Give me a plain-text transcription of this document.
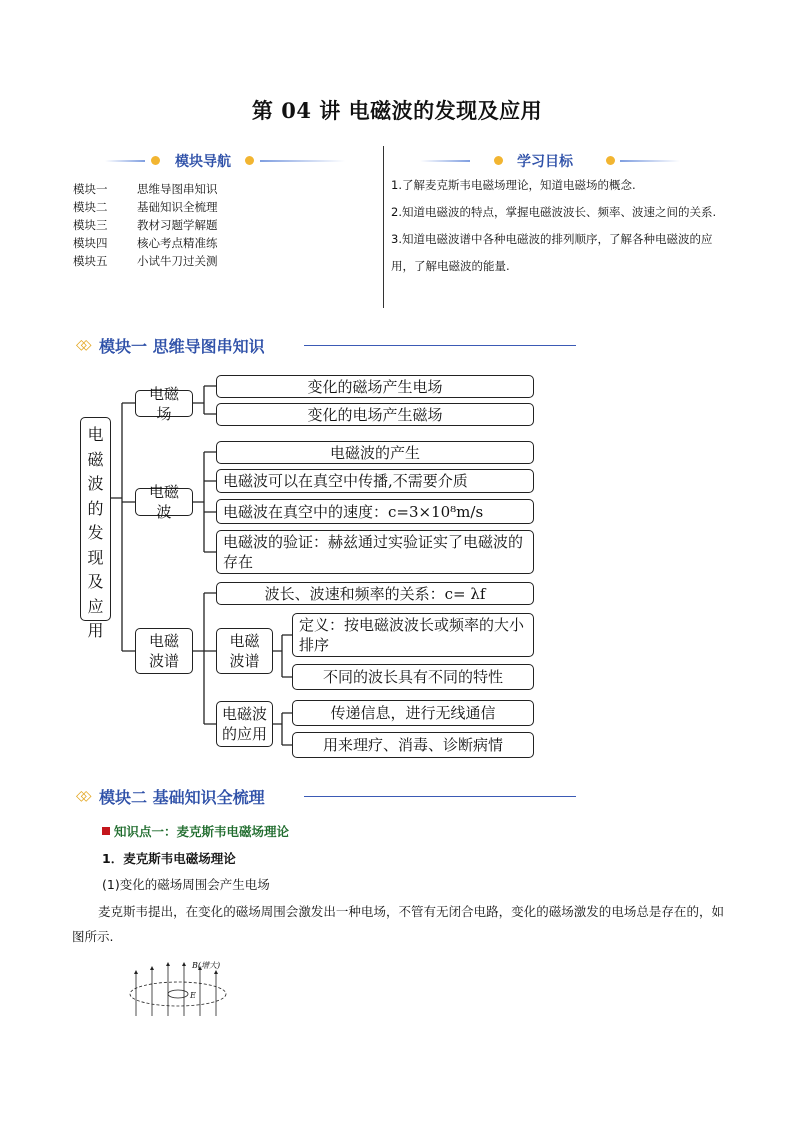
第 04 讲 电磁波的发现及应用
模块导航	学习目标
模块一	思维导图串知识
模块二	基础知识全梳理
模块三	教材习题学解题
模块四	核心考点精准练
模块五	小试牛刀过关测
1.了解麦克斯韦电磁场理论，知道电磁场的概念.
2.知道电磁波的特点，掌握电磁波波长、频率、波速之间的关系.
3.知道电磁波谱中各种电磁波的排列顺序，了解各种电磁波的应用，了解电磁波的能量.
◇◇ 模块一 思维导图串知识
电磁波的发现及应用
电磁场
变化的磁场产生电场
变化的电场产生磁场
电磁波
电磁波的产生
电磁波可以在真空中传播,不需要介质
电磁波在真空中的速度：c=3×10⁸m/s
电磁波的验证：赫兹通过实验证实了电磁波的存在
电磁波谱
波长、波速和频率的关系：c= λf
电磁波谱
定义：按电磁波波长或频率的大小排序
不同的波长具有不同的特性
电磁波的应用
传递信息，进行无线通信
用来理疗、消毒、诊断病情
◇◇ 模块二 基础知识全梳理
知识点一：麦克斯韦电磁场理论
1．麦克斯韦电磁场理论
(1)变化的磁场周围会产生电场
麦克斯韦提出，在变化的磁场周围会激发出一种电场，不管有无闭合电路，变化的磁场激发的电场总是存在的，如图所示.
B(增大)
E
